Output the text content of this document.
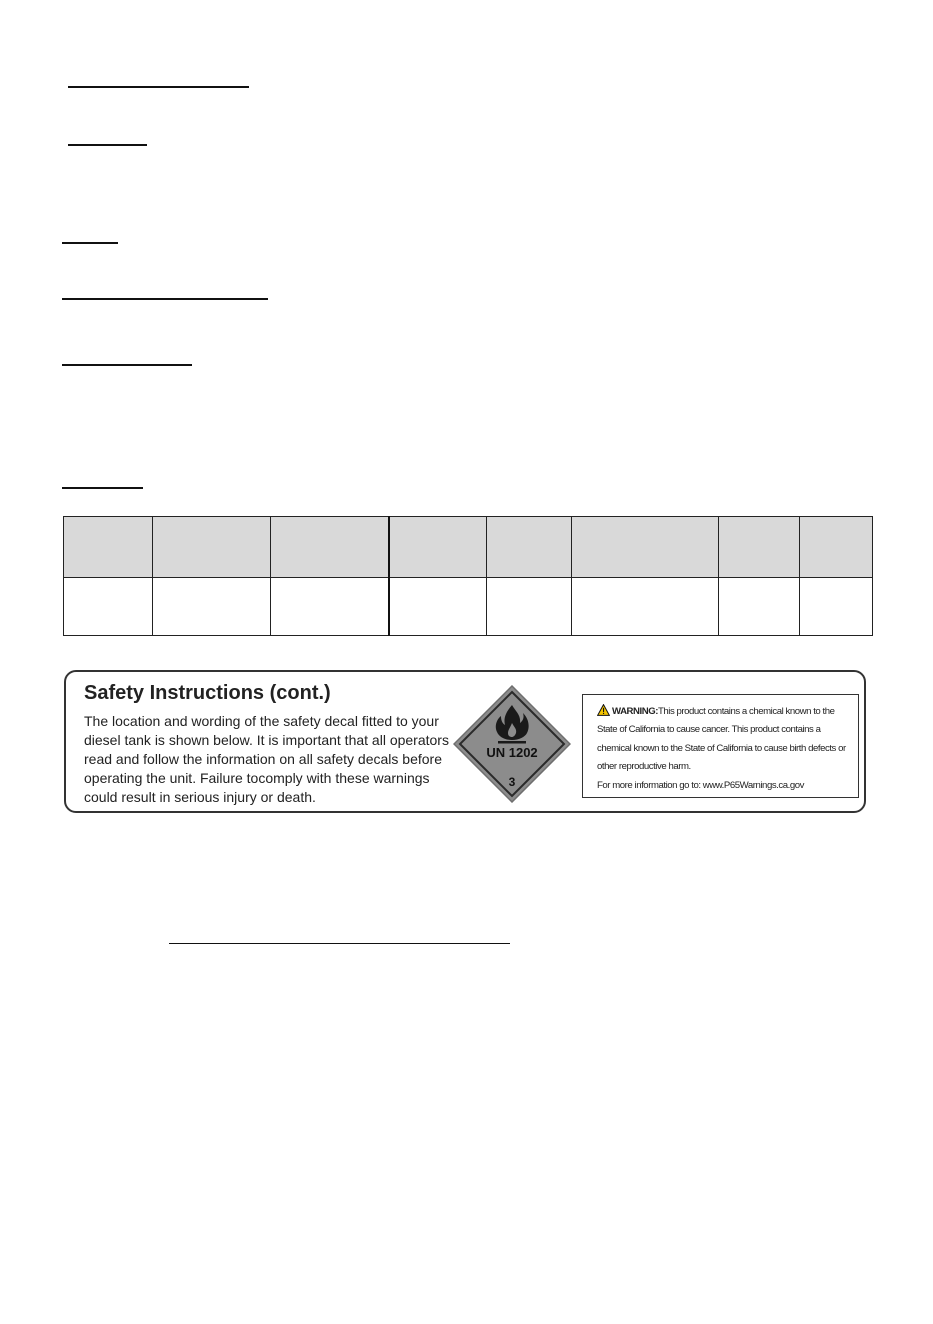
Safety Instructions (cont.)
The location and wording of the safety decal fitted to your
diesel tank is shown below. It is important that all operators
read and follow the information on all safety decals before
operating the unit. Failure tocomply with these warnings
could result in serious injury or death.
UN 1202
3
WARNING:This product contains a chemical known to the
State of California to cause cancer. This product contains a
chemical known to the State of California to cause birth defects or
other reproductive harm.
For more information go to: www.P65Warnings.ca.gov
